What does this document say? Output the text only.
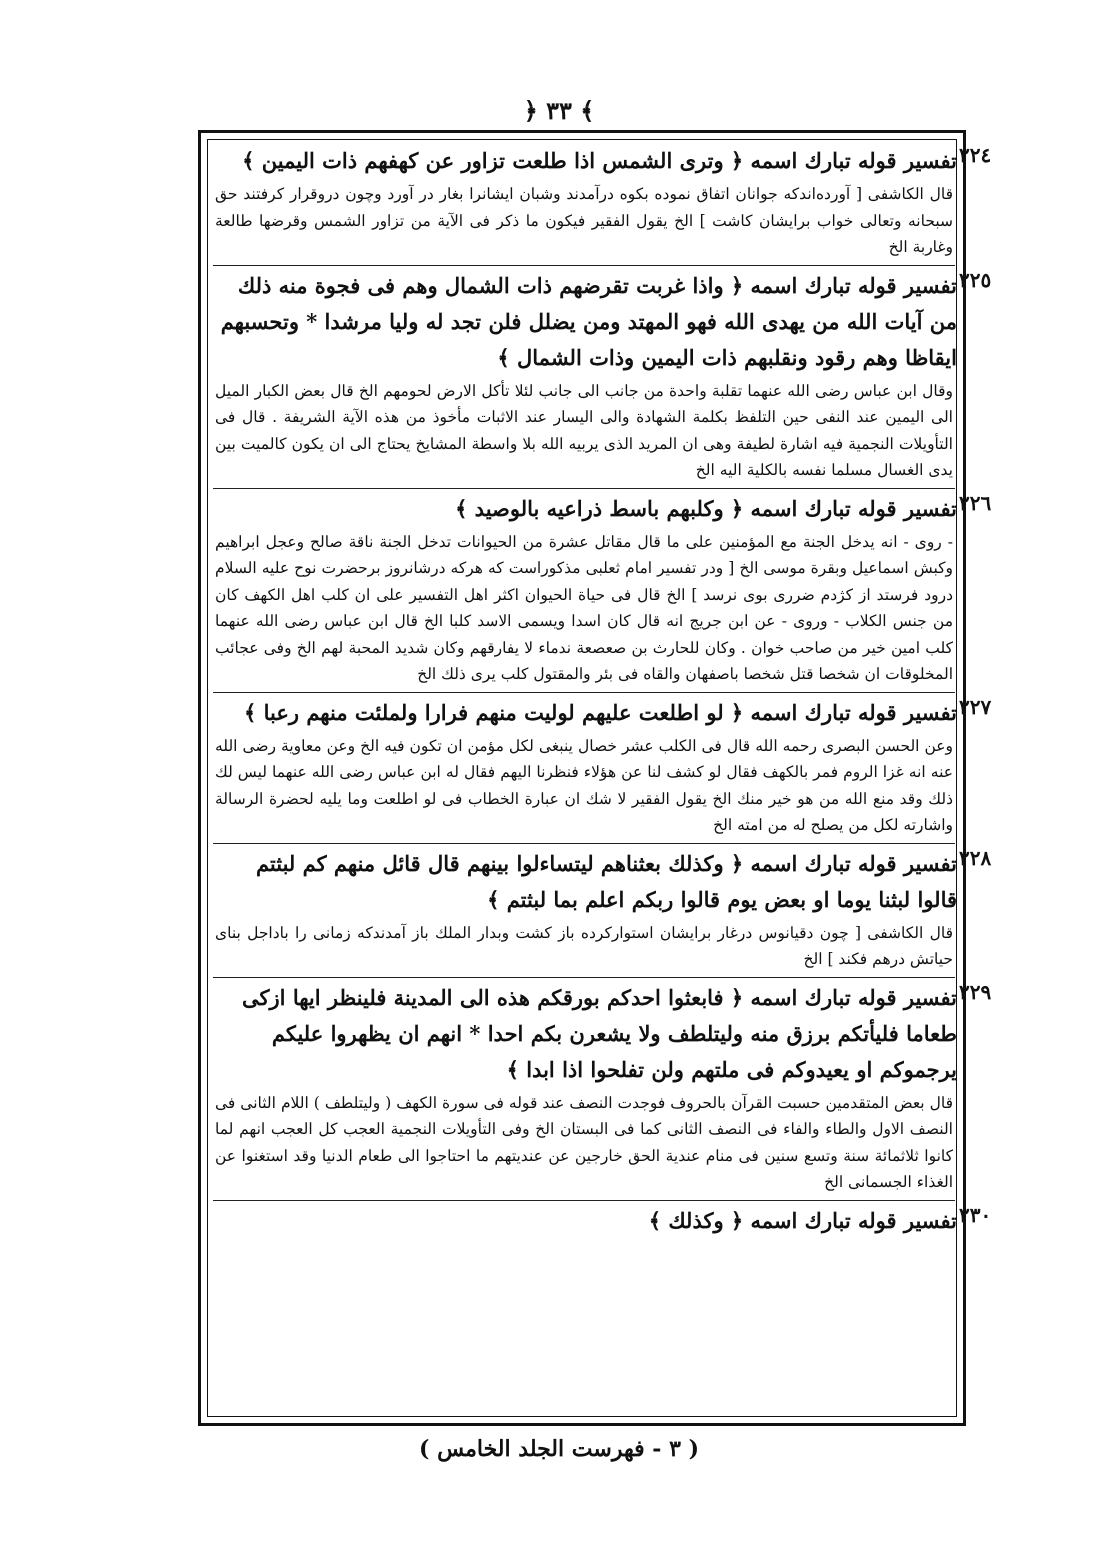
﴿ ٣٣ ﴾
٢٢٤
تفسير قوله تبارك اسمه ﴿ وترى الشمس اذا طلعت تزاور عن كهفهم ذات اليمين ﴾
قال الكاشفى [ آورده‌اندكه جوانان اتفاق نموده بكوه درآمدند وشبان ايشانرا بغار در آورد وچون دروقرار كرفتند حق سبحانه وتعالى خواب برايشان كاشت ] الخ يقول الفقير فيكون ما ذكر فى الآية من تزاور الشمس وقرضها طالعة وغاربة الخ
٢٢٥
تفسير قوله تبارك اسمه ﴿ واذا غربت تقرضهم ذات الشمال وهم فى فجوة منه ذلك من آيات الله من يهدى الله فهو المهتد ومن يضلل فلن تجد له وليا مرشدا * وتحسبهم ايقاظا وهم رقود ونقلبهم ذات اليمين وذات الشمال ﴾
وقال ابن عباس رضى الله عنهما تقلبة واحدة من جانب الى جانب لئلا تأكل الارض لحومهم الخ قال بعض الكبار الميل الى اليمين عند النفى حين التلفظ بكلمة الشهادة والى اليسار عند الاثبات مأخوذ من هذه الآية الشريفة . قال فى التأويلات النجمية فيه اشارة لطيفة وهى ان المريد الذى يربيه الله بلا واسطة المشايخ يحتاج الى ان يكون كالميت بين يدى الغسال مسلما نفسه بالكلية اليه الخ
٢٢٦
تفسير قوله تبارك اسمه ﴿ وكلبهم باسط ذراعيه بالوصيد ﴾
- روى - انه يدخل الجنة مع المؤمنين على ما قال مقاتل عشرة من الحيوانات تدخل الجنة ناقة صالح وعجل ابراهيم وكبش اسماعيل وبقرة موسى الخ [ ودر تفسير امام ثعلبى مذكوراست كه هركه درشانروز برحضرت نوح عليه السلام درود فرستد از كژدم ضررى بوى نرسد ] الخ قال فى حياة الحيوان اكثر اهل التفسير على ان كلب اهل الكهف كان من جنس الكلاب - وروى - عن ابن جريج انه قال كان اسدا ويسمى الاسد كلبا الخ قال ابن عباس رضى الله عنهما كلب امين خير من صاحب خوان . وكان للحارث بن صعصعة ندماء لا يفارقهم وكان شديد المحبة لهم الخ وفى عجائب المخلوقات ان شخصا قتل شخصا باصفهان والقاه فى بئر والمقتول كلب يرى ذلك الخ
٢٢٧
تفسير قوله تبارك اسمه ﴿ لو اطلعت عليهم لوليت منهم فرارا ولملئت منهم رعبا ﴾
وعن الحسن البصرى رحمه الله قال فى الكلب عشر خصال ينبغى لكل مؤمن ان تكون فيه الخ وعن معاوية رضى الله عنه انه غزا الروم فمر بالكهف فقال لو كشف لنا عن هؤلاء فنظرنا اليهم فقال له ابن عباس رضى الله عنهما ليس لك ذلك وقد منع الله من هو خير منك الخ يقول الفقير لا شك ان عبارة الخطاب فى لو اطلعت وما يليه لحضرة الرسالة واشارته لكل من يصلح له من امته الخ
٢٢٨
تفسير قوله تبارك اسمه ﴿ وكذلك بعثناهم ليتساءلوا بينهم قال قائل منهم كم لبثتم قالوا لبثنا يوما او بعض يوم قالوا ربكم اعلم بما لبثتم ﴾
قال الكاشفى [ چون دقيانوس درغار برايشان استواركرده باز كشت وبدار الملك باز آمدندكه زمانى را باداجل بناى حياتش درهم فكند ] الخ
٢٢٩
تفسير قوله تبارك اسمه ﴿ فابعثوا احدكم بورقكم هذه الى المدينة فلينظر ايها ازكى طعاما فليأتكم برزق منه وليتلطف ولا يشعرن بكم احدا * انهم ان يظهروا عليكم يرجموكم او يعيدوكم فى ملتهم ولن تفلحوا اذا ابدا ﴾
قال بعض المتقدمين حسبت القرآن بالحروف فوجدت النصف عند قوله فى سورة الكهف ( وليتلطف ) اللام الثانى فى النصف الاول والطاء والفاء فى النصف الثانى كما فى البستان الخ وفى التأويلات النجمية العجب كل العجب انهم لما كانوا ثلاثمائة سنة وتسع سنين فى منام عندية الحق خارجين عن عنديتهم ما احتاجوا الى طعام الدنيا وقد استغنوا عن الغذاء الجسمانى الخ
٢٣٠
تفسير قوله تبارك اسمه ﴿ وكذلك ﴾
( ٣ - فهرست الجلد الخامس )
